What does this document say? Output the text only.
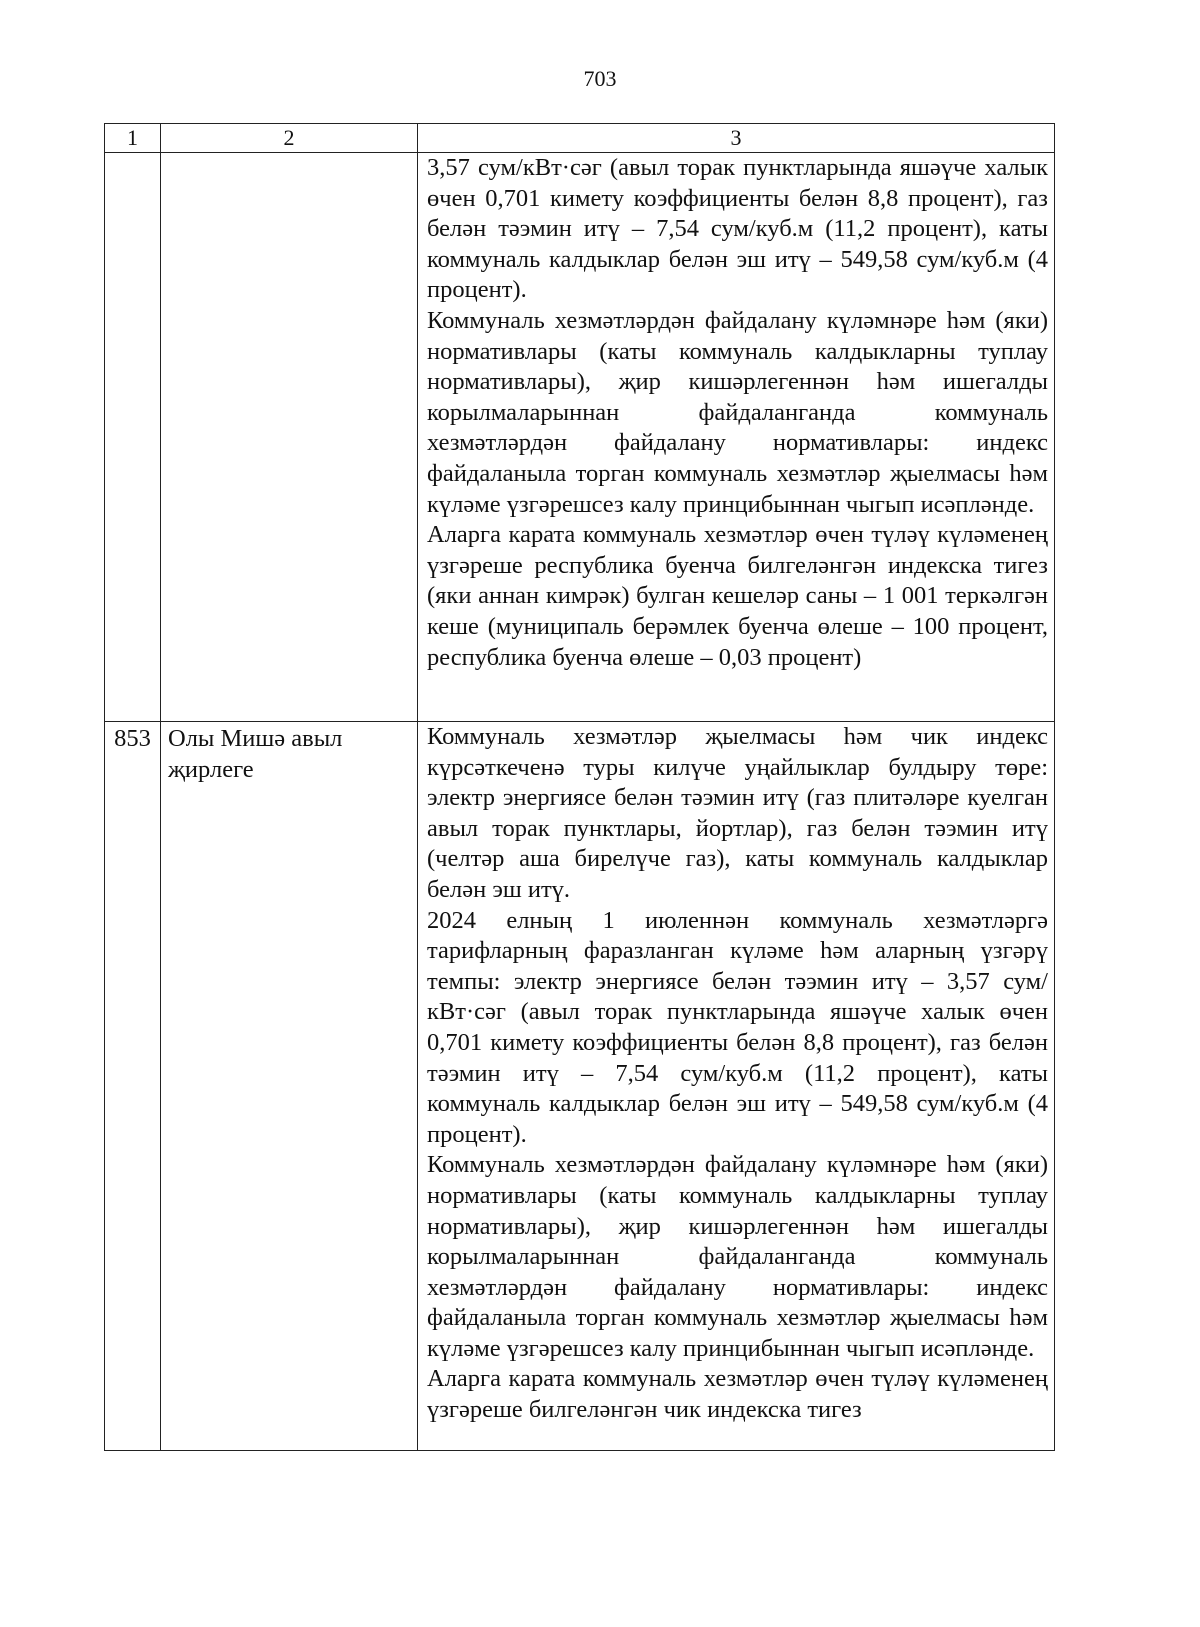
703
1	2	3

		3,57 сум/кВт·сәг (авыл торак пунктларында яшәүче халык өчен 0,701 кимету коэффициенты белән 8,8 процент), газ белән тәэмин итү – 7,54 сум/куб.м (11,2 процент), каты коммуналь калдыклар белән эш итү – 549,58 сум/куб.м (4 процент).

Коммуналь хезмәтләрдән файдалану күләмнәре һәм (яки) нормативлары (каты коммуналь калдыкларны туплау нормативлары), җир кишәрлегеннән һәм ишегалды корылмаларыннан файдаланганда коммуналь хезмәтләрдән файдалану нормативлары: индекс файдаланыла торган коммуналь хезмәтләр җыелмасы һәм күләме үзгәрешсез калу принцибыннан чыгып исәпләнде.

Аларга карата коммуналь хезмәтләр өчен түләү күләменең үзгәреше республика буенча билгеләнгән индекска тигез (яки аннан кимрәк) булган кешеләр саны – 1 001 теркәлгән кеше (муниципаль берәмлек буенча өлеше – 100 процент, республика буенча өлеше – 0,03 процент)

853	Олы Мишә авыл җирлеге	Коммуналь хезмәтләр җыелмасы һәм чик индекс күрсәткеченә туры килүче уңайлыклар булдыру төре: электр энергиясе белән тәэмин итү (газ плитәләре куелган авыл торак пунктлары, йортлар), газ белән тәэмин итү (челтәр аша бирелүче газ), каты коммуналь калдыклар белән эш итү.

2024 елның 1 июленнән коммуналь хезмәтләргә тарифларның фаразланган күләме һәм аларның үзгәрү темпы: электр энергиясе белән тәэмин итү – 3,57 сум/кВт·сәг (авыл торак пунктларында яшәүче халык өчен 0,701 кимету коэффициенты белән 8,8 процент), газ белән тәэмин итү – 7,54 сум/куб.м (11,2 процент), каты коммуналь калдыклар белән эш итү – 549,58 сум/куб.м (4 процент).

Коммуналь хезмәтләрдән файдалану күләмнәре һәм (яки) нормативлары (каты коммуналь калдыкларны туплау нормативлары), җир кишәрлегеннән һәм ишегалды корылмаларыннан файдаланганда коммуналь хезмәтләрдән файдалану нормативлары: индекс файдаланыла торган коммуналь хезмәтләр җыелмасы һәм күләме үзгәрешсез калу принцибыннан чыгып исәпләнде.

Аларга карата коммуналь хезмәтләр өчен түләү күләменең үзгәреше билгеләнгән чик индекска тигез
